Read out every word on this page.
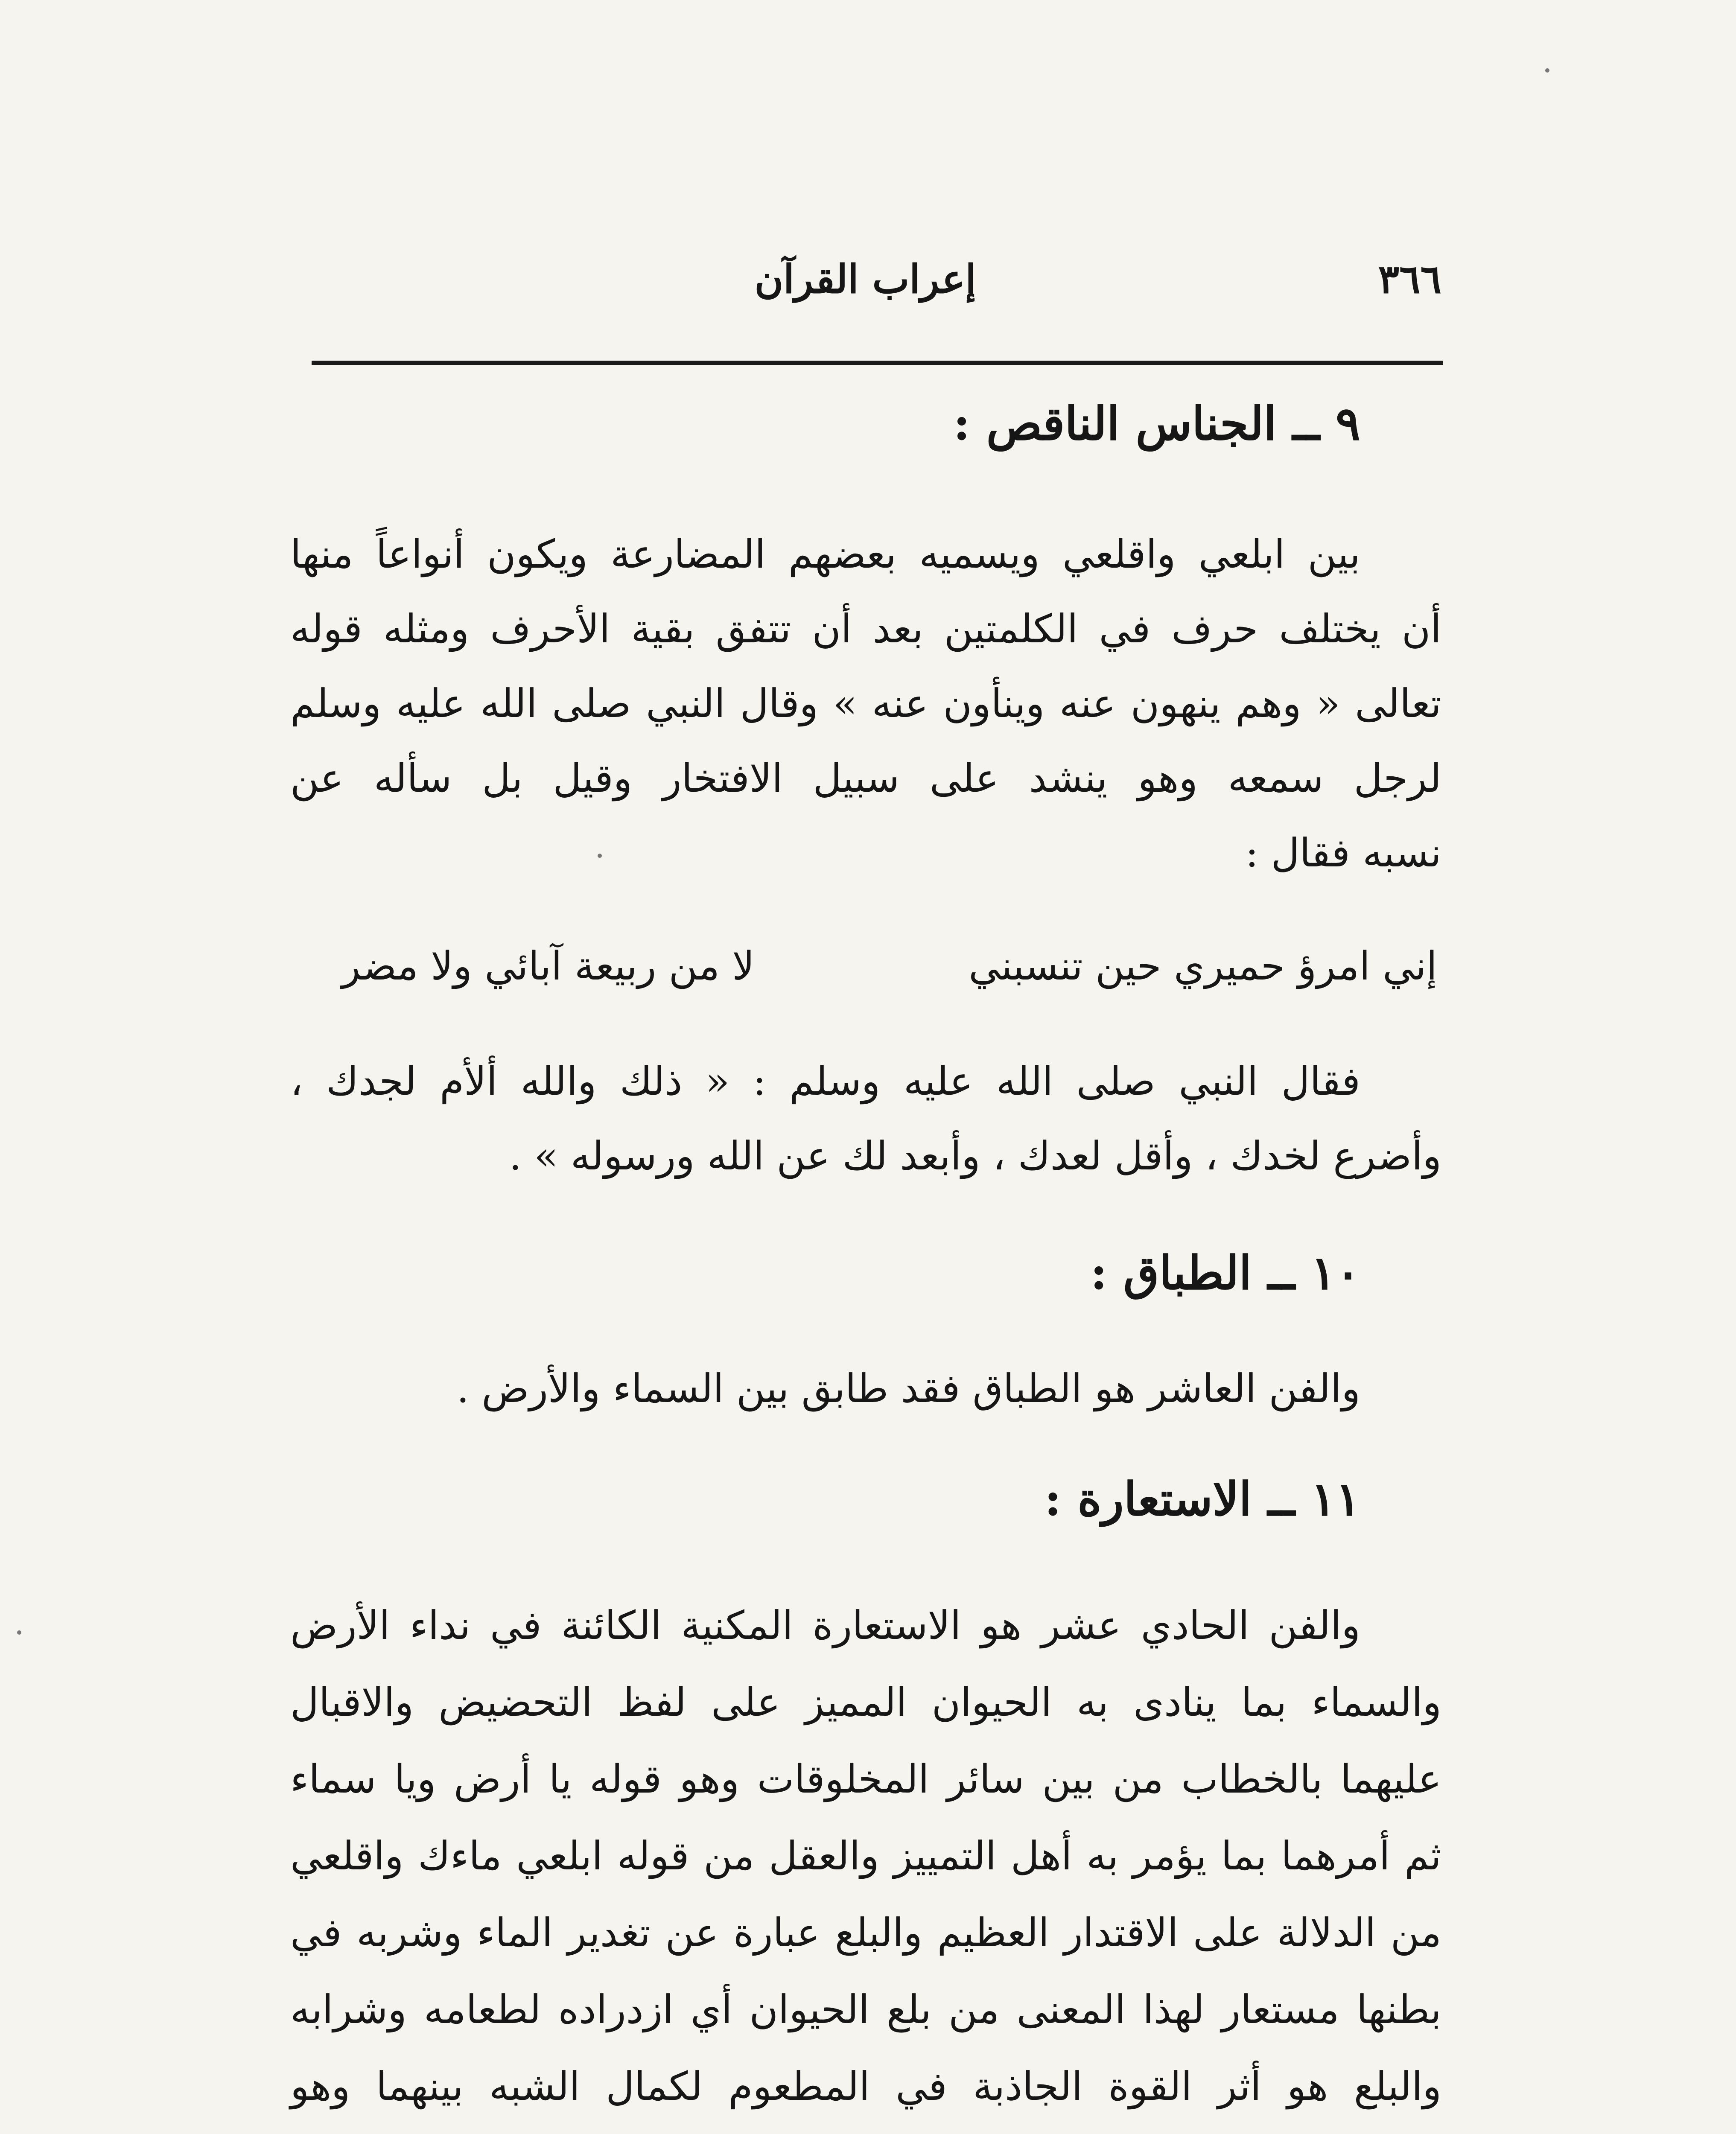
٣٦٦
إعراب القرآن
٩ ــ الجناس الناقص :
بين ابلعي واقلعي ويسميه بعضهم المضارعة ويكون أنواعاً منها
أن يختلف حرف في الكلمتين بعد أن تتفق بقية الأحرف ومثله قوله
تعالى « وهم ينهون عنه وينأون عنه » وقال النبي صلى الله عليه وسلم
لرجل سمعه وهو ينشد على سبيل الافتخار وقيل بل سأله عن
نسبه فقال :
إني امرؤ حميري حين تنسبني
لا من ربيعة آبائي ولا مضر
فقال النبي صلى الله عليه وسلم : « ذلك والله ألأم لجدك ،
وأضرع لخدك ، وأقل لعدك ، وأبعد لك عن الله ورسوله » .
١٠ ــ الطباق :
والفن العاشر هو الطباق فقد طابق بين السماء والأرض .
١١ ــ الاستعارة :
والفن الحادي عشر هو الاستعارة المكنية الكائنة في نداء الأرض
والسماء بما ينادى به الحيوان المميز على لفظ التحضيض والاقبال
عليهما بالخطاب من بين سائر المخلوقات وهو قوله يا أرض ويا سماء
ثم أمرهما بما يؤمر به أهل التمييز والعقل من قوله ابلعي ماءك واقلعي
من الدلالة على الاقتدار العظيم والبلع عبارة عن تغدير الماء وشربه في
بطنها مستعار لهذا المعنى من بلع الحيوان أي ازدراده لطعامه وشرابه
والبلع هو أثر القوة الجاذبة في المطعوم لكمال الشبه بينهما وهو
